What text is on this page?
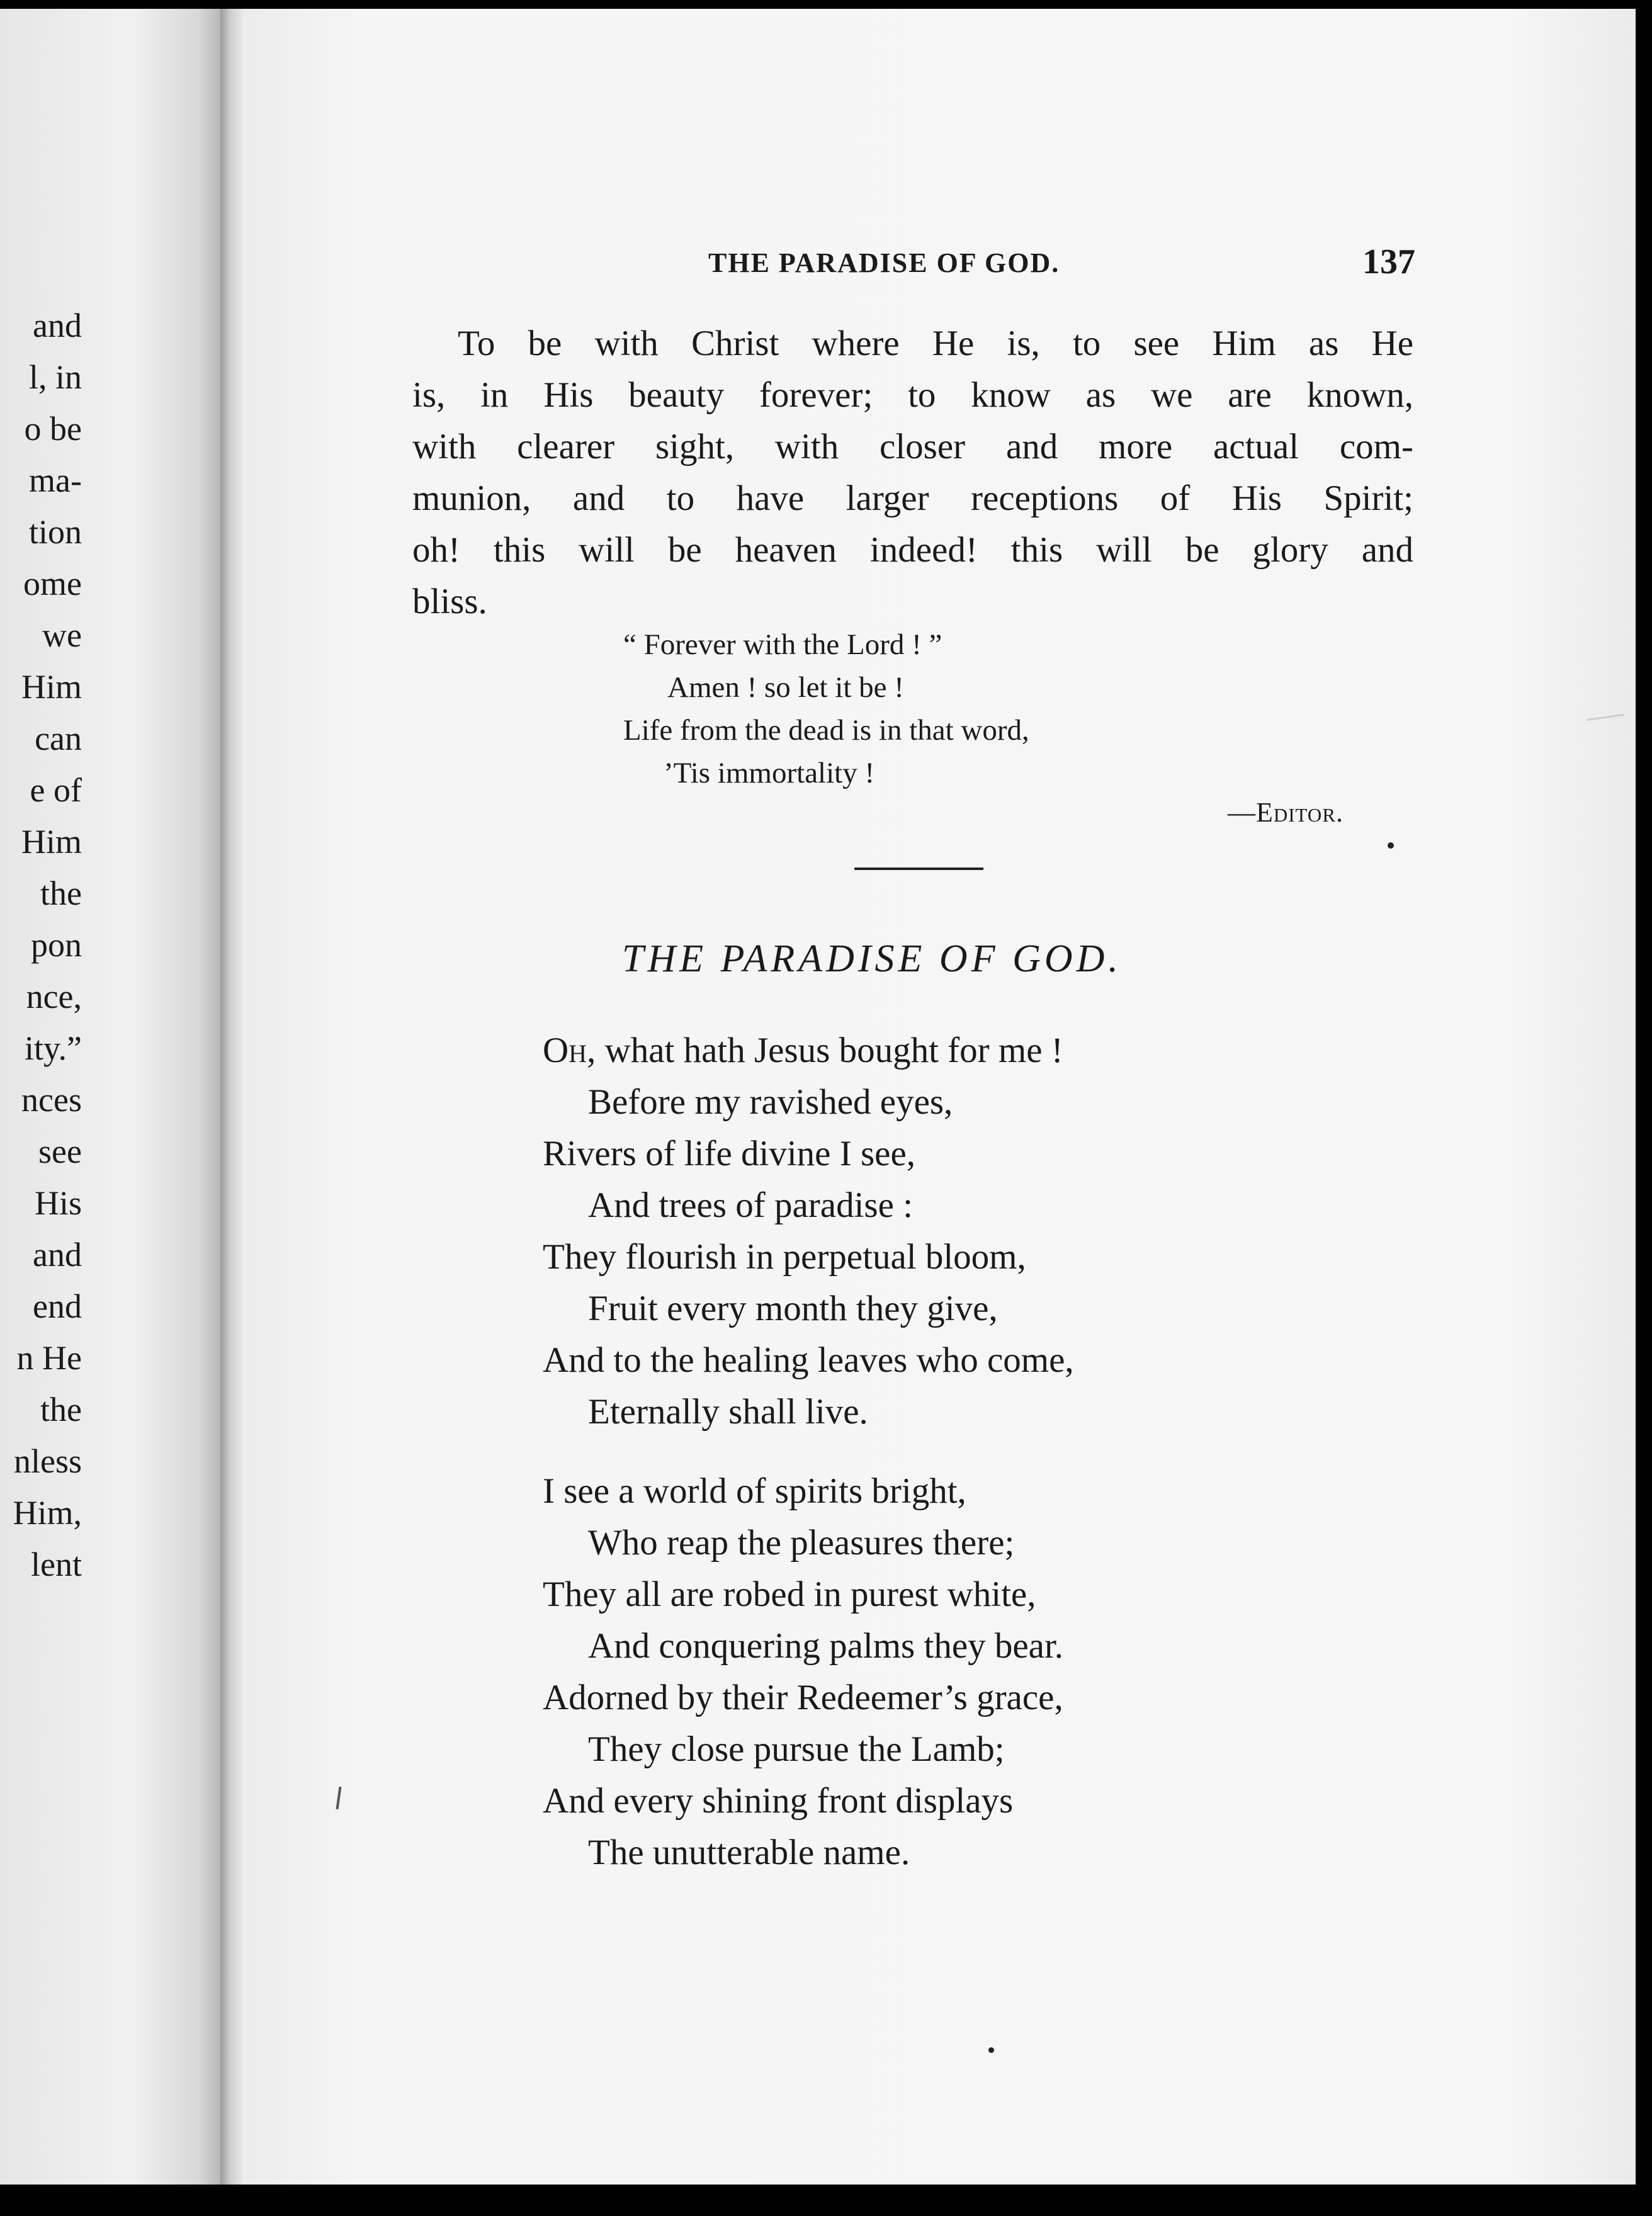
and
l, in
o be
ma-
tion
ome
we
Him
can
e of
Him
the
pon
nce,
ity.”
nces
see
His
and
end
n He
the
nless
Him,
lent
THE PARADISE OF GOD.	137
To be with Christ where He is, to see Him as He
is, in His beauty forever; to know as we are known,
with clearer sight, with closer and more actual com-
munion, and to have larger receptions of His Spirit;
oh! this will be heaven indeed! this will be glory and
bliss.
“ Forever with the Lord ! ”
Amen ! so let it be !
Life from the dead is in that word,
’Tis immortality !
—Editor.
THE PARADISE OF GOD.
Oh, what hath Jesus bought for me !
Before my ravished eyes,
Rivers of life divine I see,
And trees of paradise :
They flourish in perpetual bloom,
Fruit every month they give,
And to the healing leaves who come,
Eternally shall live.
I see a world of spirits bright,
Who reap the pleasures there;
They all are robed in purest white,
And conquering palms they bear.
Adorned by their Redeemer’s grace,
They close pursue the Lamb;
And every shining front displays
The unutterable name.
